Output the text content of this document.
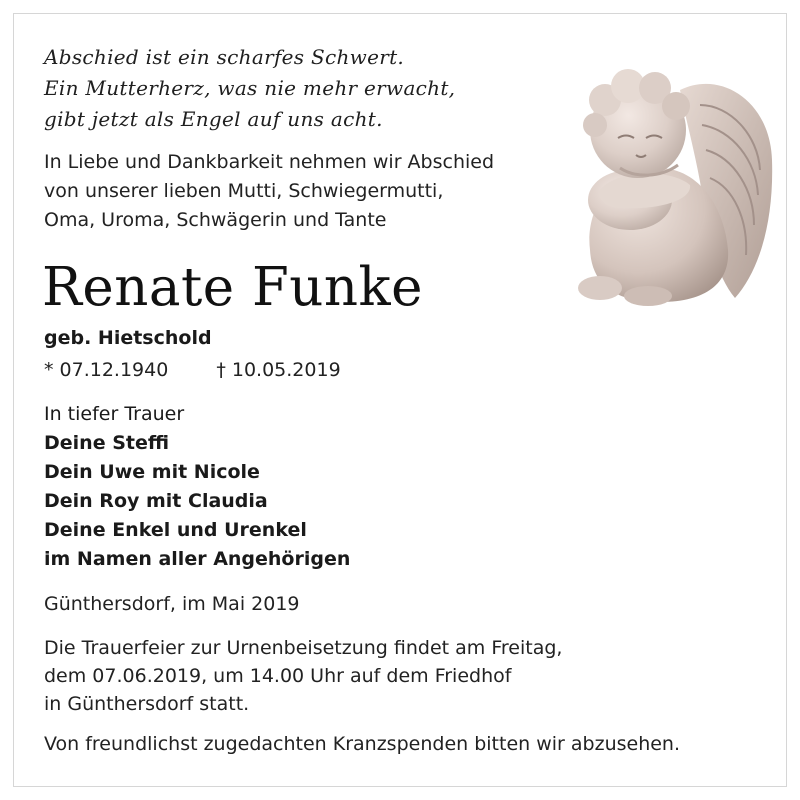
Abschied ist ein scharfes Schwert.
Ein Mutterherz, was nie mehr erwacht,
gibt jetzt als Engel auf uns acht.
In Liebe und Dankbarkeit nehmen wir Abschied
von unserer lieben Mutti, Schwiegermutti,
Oma, Uroma, Schwägerin und Tante
Renate Funke
geb. Hietschold
* 07.12.1940	† 10.05.2019
In tiefer Trauer
Deine Steffi
Dein Uwe mit Nicole
Dein Roy mit Claudia
Deine Enkel und Urenkel
im Namen aller Angehörigen
Günthersdorf, im Mai 2019
Die Trauerfeier zur Urnenbeisetzung findet am Freitag,
dem 07.06.2019, um 14.00 Uhr auf dem Friedhof
in Günthersdorf statt.
Von freundlichst zugedachten Kranzspenden bitten wir abzusehen.
